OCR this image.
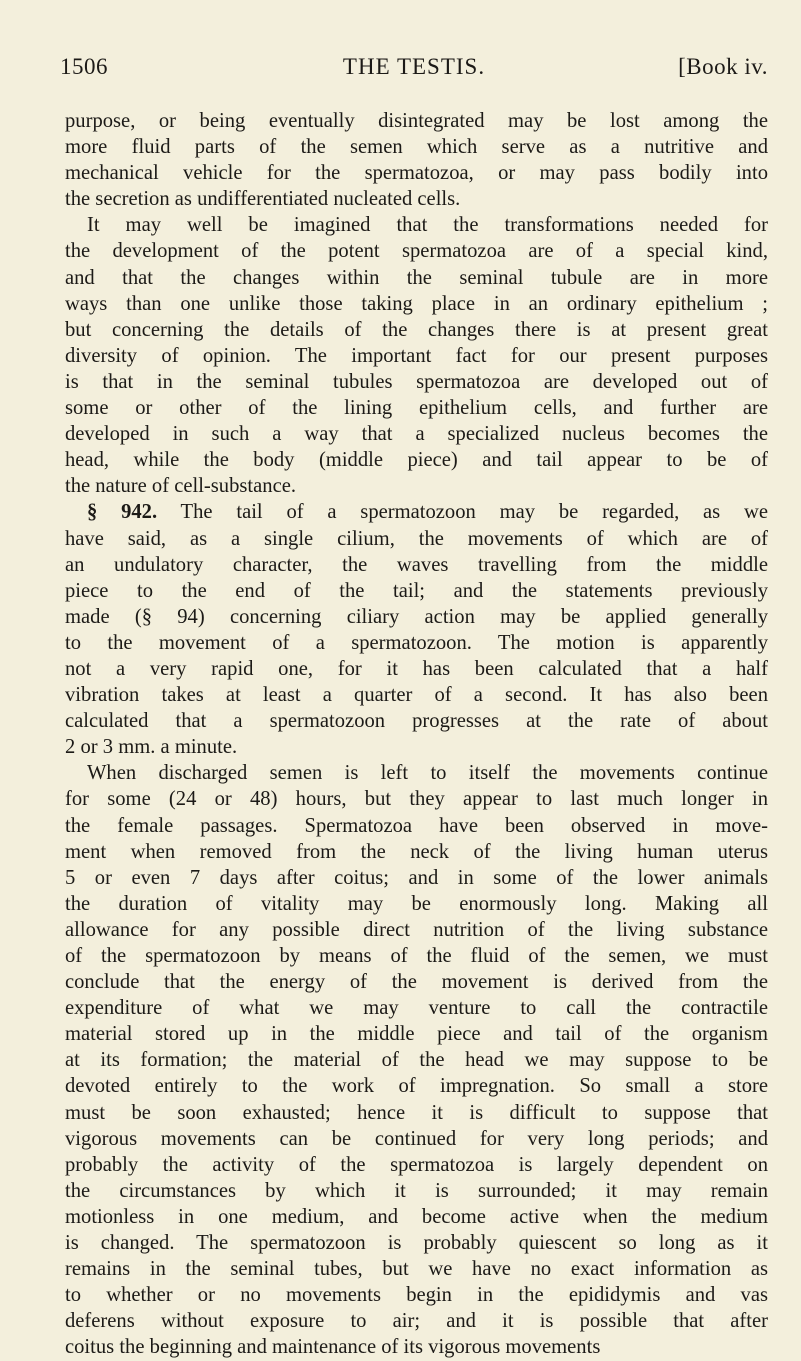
1506	THE TESTIS.	[Book iv.

purpose, or being eventually disintegrated may be lost among the

more fluid parts of the semen which serve as a nutritive and

mechanical vehicle for the spermatozoa, or may pass bodily into

the secretion as undifferentiated nucleated cells.

It may well be imagined that the transformations needed for

the development of the potent spermatozoa are of a special kind,

and that the changes within the seminal tubule are in more

ways than one unlike those taking place in an ordinary epithelium ;

but concerning the details of the changes there is at present great

diversity of opinion. The important fact for our present purposes

is that in the seminal tubules spermatozoa are developed out of

some or other of the lining epithelium cells, and further are

developed in such a way that a specialized nucleus becomes the

head, while the body (middle piece) and tail appear to be of

the nature of cell-substance.

§ 942. The tail of a spermatozoon may be regarded, as we

have said, as a single cilium, the movements of which are of

an undulatory character, the waves travelling from the middle

piece to the end of the tail; and the statements previously

made (§ 94) concerning ciliary action may be applied generally

to the movement of a spermatozoon. The motion is apparently

not a very rapid one, for it has been calculated that a half

vibration takes at least a quarter of a second. It has also been

calculated that a spermatozoon progresses at the rate of about

2 or 3 mm. a minute.

When discharged semen is left to itself the movements continue

for some (24 or 48) hours, but they appear to last much longer in

the female passages. Spermatozoa have been observed in move-

ment when removed from the neck of the living human uterus

5 or even 7 days after coitus; and in some of the lower animals

the duration of vitality may be enormously long. Making all

allowance for any possible direct nutrition of the living substance

of the spermatozoon by means of the fluid of the semen, we must

conclude that the energy of the movement is derived from the

expenditure of what we may venture to call the contractile

material stored up in the middle piece and tail of the organism

at its formation; the material of the head we may suppose to be

devoted entirely to the work of impregnation. So small a store

must be soon exhausted; hence it is difficult to suppose that

vigorous movements can be continued for very long periods; and

probably the activity of the spermatozoa is largely dependent on

the circumstances by which it is surrounded; it may remain

motionless in one medium, and become active when the medium

is changed. The spermatozoon is probably quiescent so long as it

remains in the seminal tubes, but we have no exact information as

to whether or no movements begin in the epididymis and vas

deferens without exposure to air; and it is possible that after

coitus the beginning and maintenance of its vigorous movements
